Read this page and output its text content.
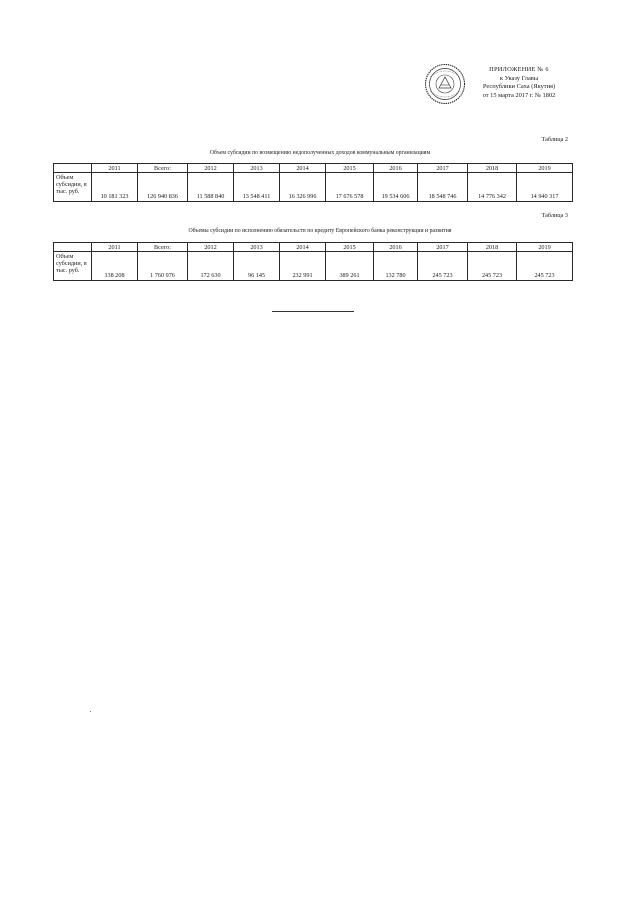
ПРИЛОЖЕНИЕ № 6
к Указу Главы
Республики Саха (Якутия)
от 15 марта 2017 г. № 1802
Таблица 2
Объем субсидии по возмещению недополученных доходов коммунальным организациям
	2011	Всего:	2012	2013	2014	2015	2016	2017	2018	2019
Объем субсидии, в тыс. руб.	10 181 323	126 940 836	11 588 840	13 548 411	16 326 996	17 676 578	19 534 606	18 548 746	14 776 342	14 940 317
Таблица 3
Объемы субсидии по исполнению обязательств по кредиту Европейского банка реконструкции и развития
	2011	Всего:	2012	2013	2014	2015	2016	2017	2018	2019
Объем субсидии, в тыс. руб.	138 208	1 760 976	172 630	96 145	232 991	389 261	132 780	245 723	245 723	245 723
